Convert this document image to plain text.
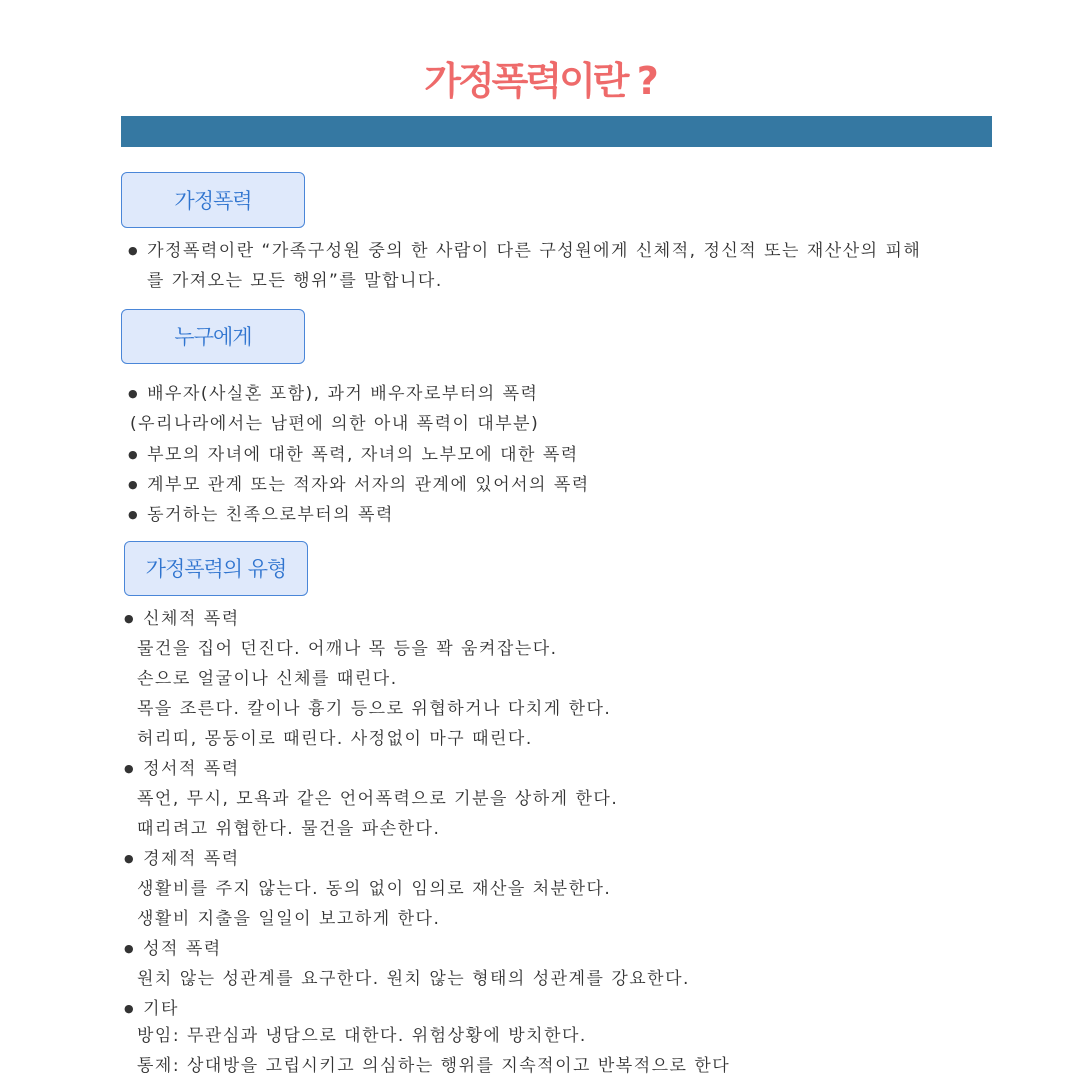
가정폭력이란 ?
가정폭력
● 가정폭력이란 “가족구성원 중의 한 사람이 다른 구성원에게 신체적, 정신적 또는 재산산의 피해
를 가져오는 모든 행위”를 말합니다.
누구에게
● 배우자(사실혼 포함), 과거 배우자로부터의 폭력
(우리나라에서는 남편에 의한 아내 폭력이 대부분)
● 부모의 자녀에 대한 폭력, 자녀의 노부모에 대한 폭력
● 계부모 관계 또는 적자와 서자의 관계에 있어서의 폭력
● 동거하는 친족으로부터의 폭력
가정폭력의 유형
● 신체적 폭력
물건을 집어 던진다. 어깨나 목 등을 꽉 움켜잡는다.
손으로 얼굴이나 신체를 때린다.
목을 조른다. 칼이나 흉기 등으로 위협하거나 다치게 한다.
허리띠, 몽둥이로 때린다. 사정없이 마구 때린다.
● 정서적 폭력
폭언, 무시, 모욕과 같은 언어폭력으로 기분을 상하게 한다.
때리려고 위협한다. 물건을 파손한다.
● 경제적 폭력
생활비를 주지 않는다. 동의 없이 임의로 재산을 처분한다.
생활비 지출을 일일이 보고하게 한다.
● 성적 폭력
원치 않는 성관계를 요구한다. 원치 않는 형태의 성관계를 강요한다.
● 기타
방임: 무관심과 냉담으로 대한다. 위험상황에 방치한다.
통제: 상대방을 고립시키고 의심하는 행위를 지속적이고 반복적으로 한다
